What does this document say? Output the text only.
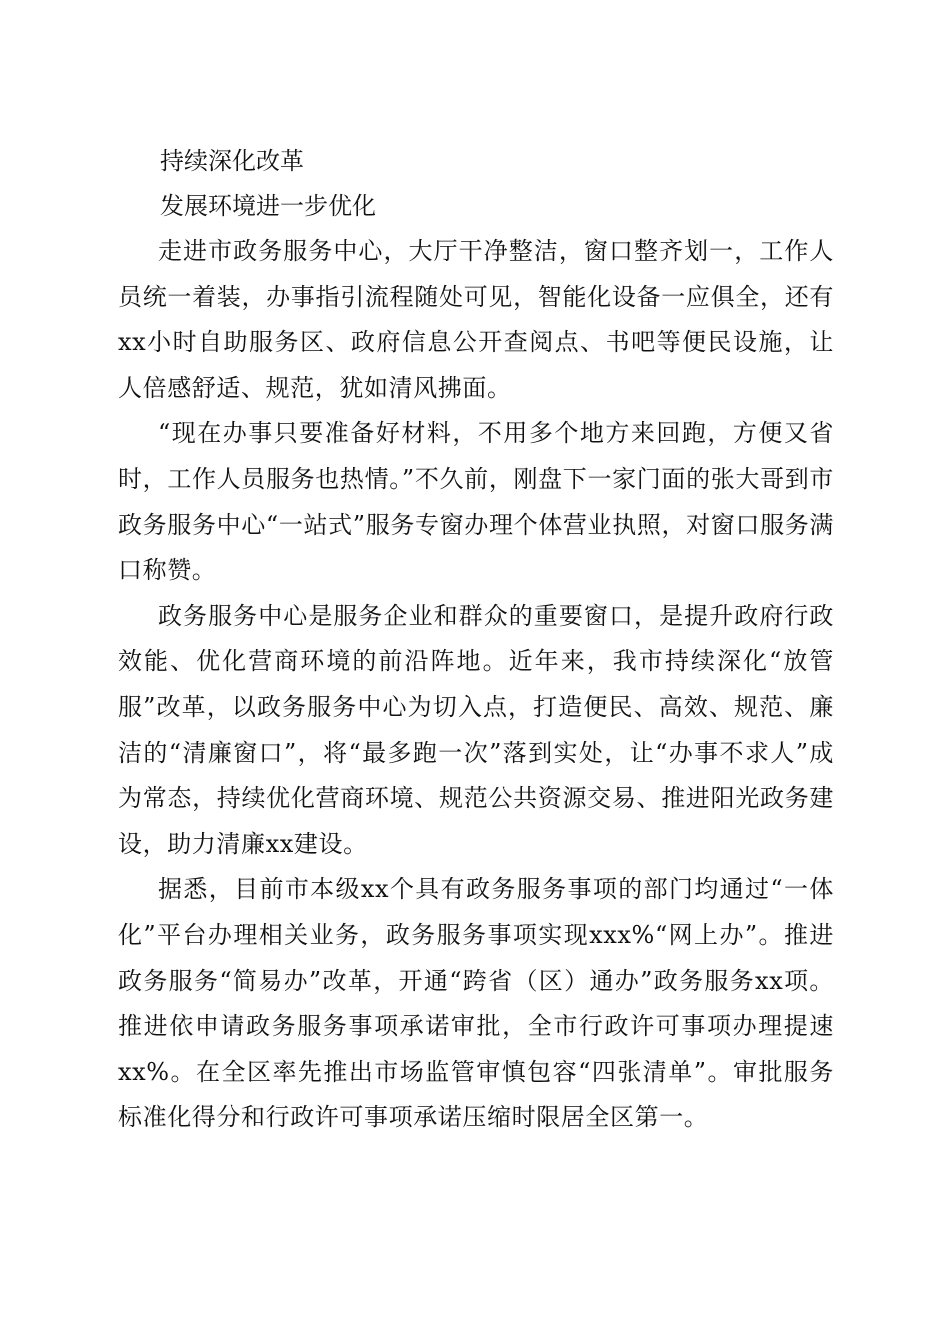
持续深化改革

发展环境进一步优化

走进市政务服务中心，大厅干净整洁，窗口整齐划一，工作人员统一着装，办事指引流程随处可见，智能化设备一应俱全，还有xx小时自助服务区、政府信息公开查阅点、书吧等便民设施，让人倍感舒适、规范，犹如清风拂面。

“现在办事只要准备好材料，不用多个地方来回跑，方便又省时，工作人员服务也热情。”不久前，刚盘下一家门面的张大哥到市政务服务中心“一站式”服务专窗办理个体营业执照，对窗口服务满口称赞。

政务服务中心是服务企业和群众的重要窗口，是提升政府行政效能、优化营商环境的前沿阵地。近年来，我市持续深化“放管服”改革，以政务服务中心为切入点，打造便民、高效、规范、廉洁的“清廉窗口”，将“最多跑一次”落到实处，让“办事不求人”成为常态，持续优化营商环境、规范公共资源交易、推进阳光政务建设，助力清廉xx建设。

据悉，目前市本级xx个具有政务服务事项的部门均通过“一体化”平台办理相关业务，政务服务事项实现xxx%“网上办”。推进政务服务“简易办”改革，开通“跨省（区）通办”政务服务xx项。推进依申请政务服务事项承诺审批，全市行政许可事项办理提速xx%。在全区率先推出市场监管审慎包容“四张清单”。审批服务标准化得分和行政许可事项承诺压缩时限居全区第一。
